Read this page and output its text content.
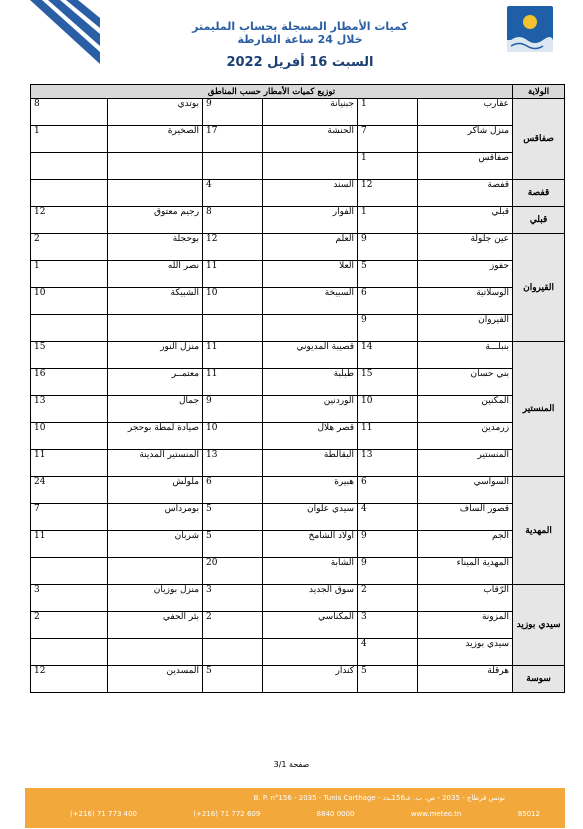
كميات الأمطار المسجلة بحساب المليمتر
خلال 24 ساعة الفارطة
السبت 16 أفريل 2022
الولاية	توزيع كميات الأمطار حسب المناطق					
صفاقس	عقارب	1	جبنيانة	9	بوتدي	8
	منزل شاكر	7	الحنشة	17	الصخيرة	1
	صفاقس	1				
قفصة	قفصة	12	السند	4		
قبلي	قبلي	1	الفوار	8	رجيم معتوق	12
القيروان	عين جلولة	9	العلم	12	بوحجلة	2
	حفوز	5	العلا	11	نصر الله	1
	الوسلاتية	6	السبيخة	10	الشبيكة	10
	القيروان	9				
المنستير	بنبلـــة	14	قصيبة المديوني	11	منزل النور	15
	بني حسان	15	طبلبة	11	معتمــر	16
	المكنين	10	الوردنين	9	جمال	13
	زرمدين	11	قصر هلال	10	صيادة لمطة بوحجر	10
	المنستير	13	البقالطة	13	المنستير المدينة	11
المهدية	السواسي	6	هبيرة	6	ملولش	24
	قصور الساف	4	سيدي علوان	5	بومرداس	7
	الجم	9	أولاد الشامخ	5	شربان	11
	المهدية الميناء	9	الشابة	20		
سيدي بوزيد	الرّقاب	2	سوق الجديد	3	منزل بوزيان	3
	المزونة	3	المكناسي	2	بئر الحفي	2
	سيدي بوزيد	4				
سوسة	هرقلة	5	كندار	5	المسدين	12
صفحة 3/1
B. P. n°156 - 2035 - Tunis Carthage - تونس قرطاج - 2035 - ص. ب. عـ156ـدد
(+216) 71 773 400	(+216) 71 772 609	8840 0000	www.meteo.tn	85012
